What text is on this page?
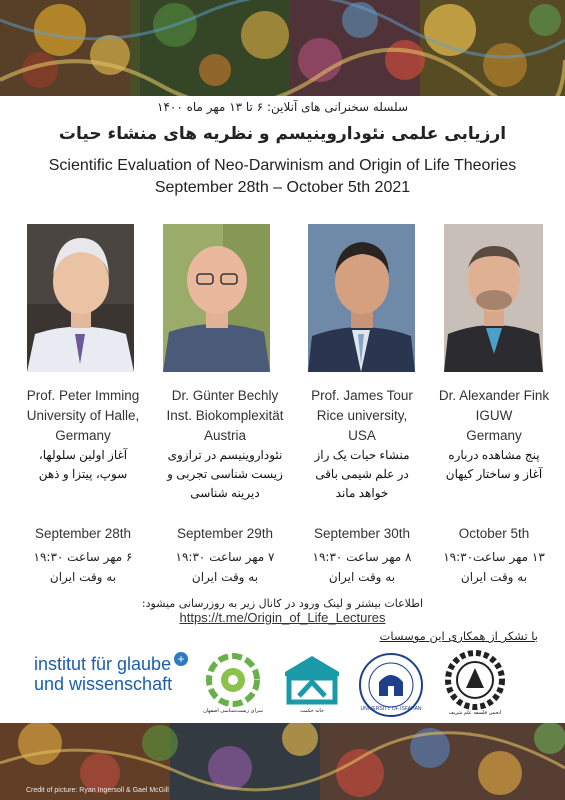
سلسله سخنرانی های آنلاین: ۶ تا ۱۳ مهر ماه ۱۴۰۰
ارزیابی علمی نئوداروینیسم و نظریه های منشاء حیات
Scientific Evaluation of Neo-Darwinism and Origin of Life Theories
September 28th – October 5th 2021
Prof. Peter Imming
University of Halle,
Germany
آغاز اولین سلولها، سوپ، پیتزا و ذهن
Dr. Günter Bechly
Inst. Biokomplexität
Austria
نئوداروینیسم در ترازوی زیست شناسی تجربی و دیرینه شناسی
Prof. James Tour
Rice university,
USA
منشاء حیات یک راز در علم شیمی باقی خواهد ماند
Dr. Alexander Fink
IGUW
Germany
پنج مشاهده درباره آغاز و ساختار کیهان
September 28th	September 29th	September 30th	October 5th
۶ مهر ساعت ۱۹:۳۰
به وقت ایران
۷ مهر ساعت ۱۹:۳۰
به وقت ایران
۸ مهر ساعت ۱۹:۳۰
به وقت ایران
۱۳ مهر ساعت۱۹:۳۰
به وقت ایران
اطلاعات بیشتر و لینک ورود در کانال زیر به روزرسانی میشود:
https://t.me/Origin_of_Life_Lectures
با تشکر از همکاری این موسسات
institut für glaube
und wissenschaft
+
سرای زیست‌شناسی اصفهان	خانه حکمت	UNIVERSITY OF ISFAHAN
انجمن فلسفه علم شریف
Credit of picture: Ryan Ingersoll & Gael McGill
